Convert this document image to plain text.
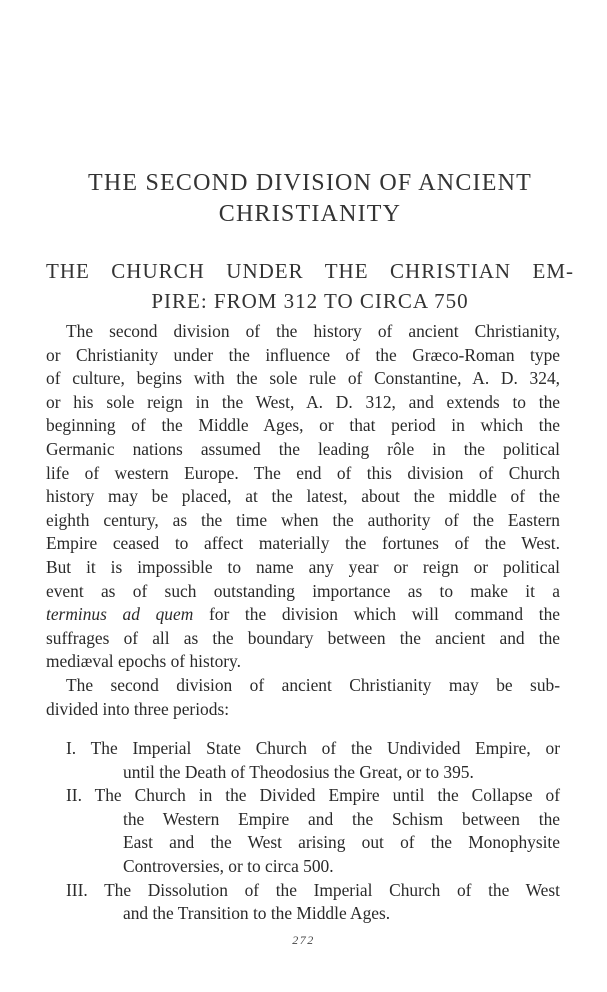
THE SECOND DIVISION OF ANCIENT
CHRISTIANITY
THE CHURCH UNDER THE CHRISTIAN EM-
PIRE: FROM 312 TO CIRCA 750
The second division of the history of ancient Christianity,
or Christianity under the influence of the Græco-Roman type
of culture, begins with the sole rule of Constantine, A. D. 324,
or his sole reign in the West, A. D. 312, and extends to the
beginning of the Middle Ages, or that period in which the
Germanic nations assumed the leading rôle in the political
life of western Europe. The end of this division of Church
history may be placed, at the latest, about the middle of the
eighth century, as the time when the authority of the Eastern
Empire ceased to affect materially the fortunes of the West.
But it is impossible to name any year or reign or political
event as of such outstanding importance as to make it a
terminus ad quem for the division which will command the
suffrages of all as the boundary between the ancient and the
mediæval epochs of history.
The second division of ancient Christianity may be sub-
divided into three periods:
I. The Imperial State Church of the Undivided Empire, or
until the Death of Theodosius the Great, or to 395.
II. The Church in the Divided Empire until the Collapse of
the Western Empire and the Schism between the
East and the West arising out of the Monophysite
Controversies, or to circa 500.
III. The Dissolution of the Imperial Church of the West
and the Transition to the Middle Ages.
272
